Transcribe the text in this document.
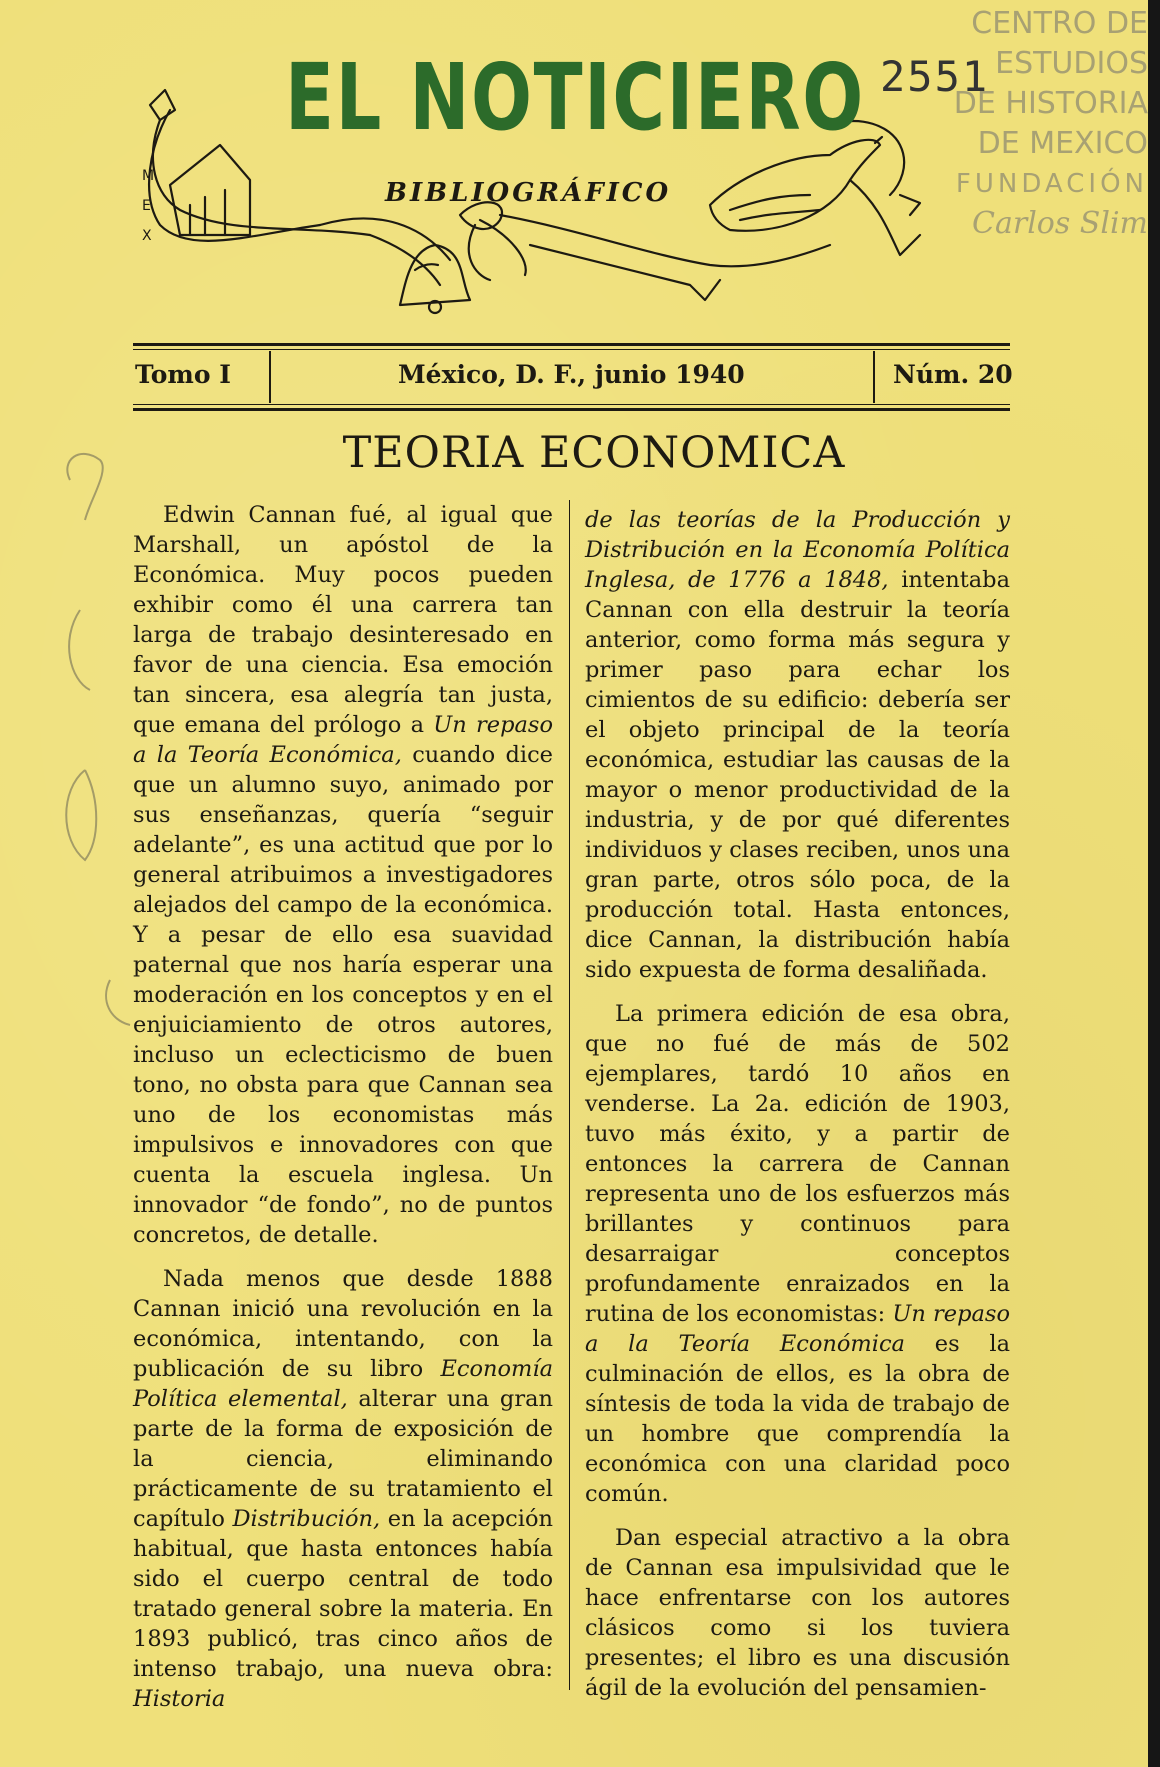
M
E
X
EL NOTICIERO
BIBLIOGRÁFICO
2551
CENTRO DE
ESTUDIOS
DE HISTORIA
DE MEXICO
FUNDACIÓN
Carlos Slim
Tomo I	México, D. F., junio 1940	Núm. 20
TEORIA ECONOMICA

Edwin Cannan fué, al igual que Marshall, un apóstol de la Económica. Muy pocos pueden exhibir como él una carrera tan larga de trabajo desinteresado en favor de una ciencia. Esa emoción tan sincera, esa alegría tan justa, que emana del prólogo a Un repaso a la Teoría Económica, cuando dice que un alumno suyo, animado por sus enseñanzas, quería “seguir adelante”, es una actitud que por lo general atribuimos a investigadores alejados del campo de la económica. Y a pesar de ello esa suavidad paternal que nos haría esperar una moderación en los conceptos y en el enjuiciamiento de otros autores, incluso un eclecticismo de buen tono, no obsta para que Cannan sea uno de los economistas más impulsivos e innovadores con que cuenta la escuela inglesa. Un innovador “de fondo”, no de puntos concretos, de detalle.

Nada menos que desde 1888 Cannan inició una revolución en la económica, intentando, con la publicación de su libro Economía Política elemental, alterar una gran parte de la forma de exposición de la ciencia, eliminando prácticamente de su tratamiento el capítulo Distribución, en la acepción habitual, que hasta entonces había sido el cuerpo central de todo tratado general sobre la materia. En 1893 publicó, tras cinco años de intenso trabajo, una nueva obra: Historia

de las teorías de la Producción y Distribución en la Economía Política Inglesa, de 1776 a 1848, intentaba Cannan con ella destruir la teoría anterior, como forma más segura y primer paso para echar los cimientos de su edificio: debería ser el objeto principal de la teoría económica, estudiar las causas de la mayor o menor productividad de la industria, y de por qué diferentes individuos y clases reciben, unos una gran parte, otros sólo poca, de la producción total. Hasta entonces, dice Cannan, la distribución había sido expuesta de forma desaliñada.

La primera edición de esa obra, que no fué de más de 502 ejemplares, tardó 10 años en venderse. La 2a. edición de 1903, tuvo más éxito, y a partir de entonces la carrera de Cannan representa uno de los esfuerzos más brillantes y continuos para desarraigar conceptos profundamente enraizados en la rutina de los economistas: Un repaso a la Teoría Económica es la culminación de ellos, es la obra de síntesis de toda la vida de trabajo de un hombre que comprendía la económica con una claridad poco común.

Dan especial atractivo a la obra de Cannan esa impulsividad que le hace enfrentarse con los autores clásicos como si los tuviera presentes; el libro es una discusión ágil de la evolución del pensamien-
